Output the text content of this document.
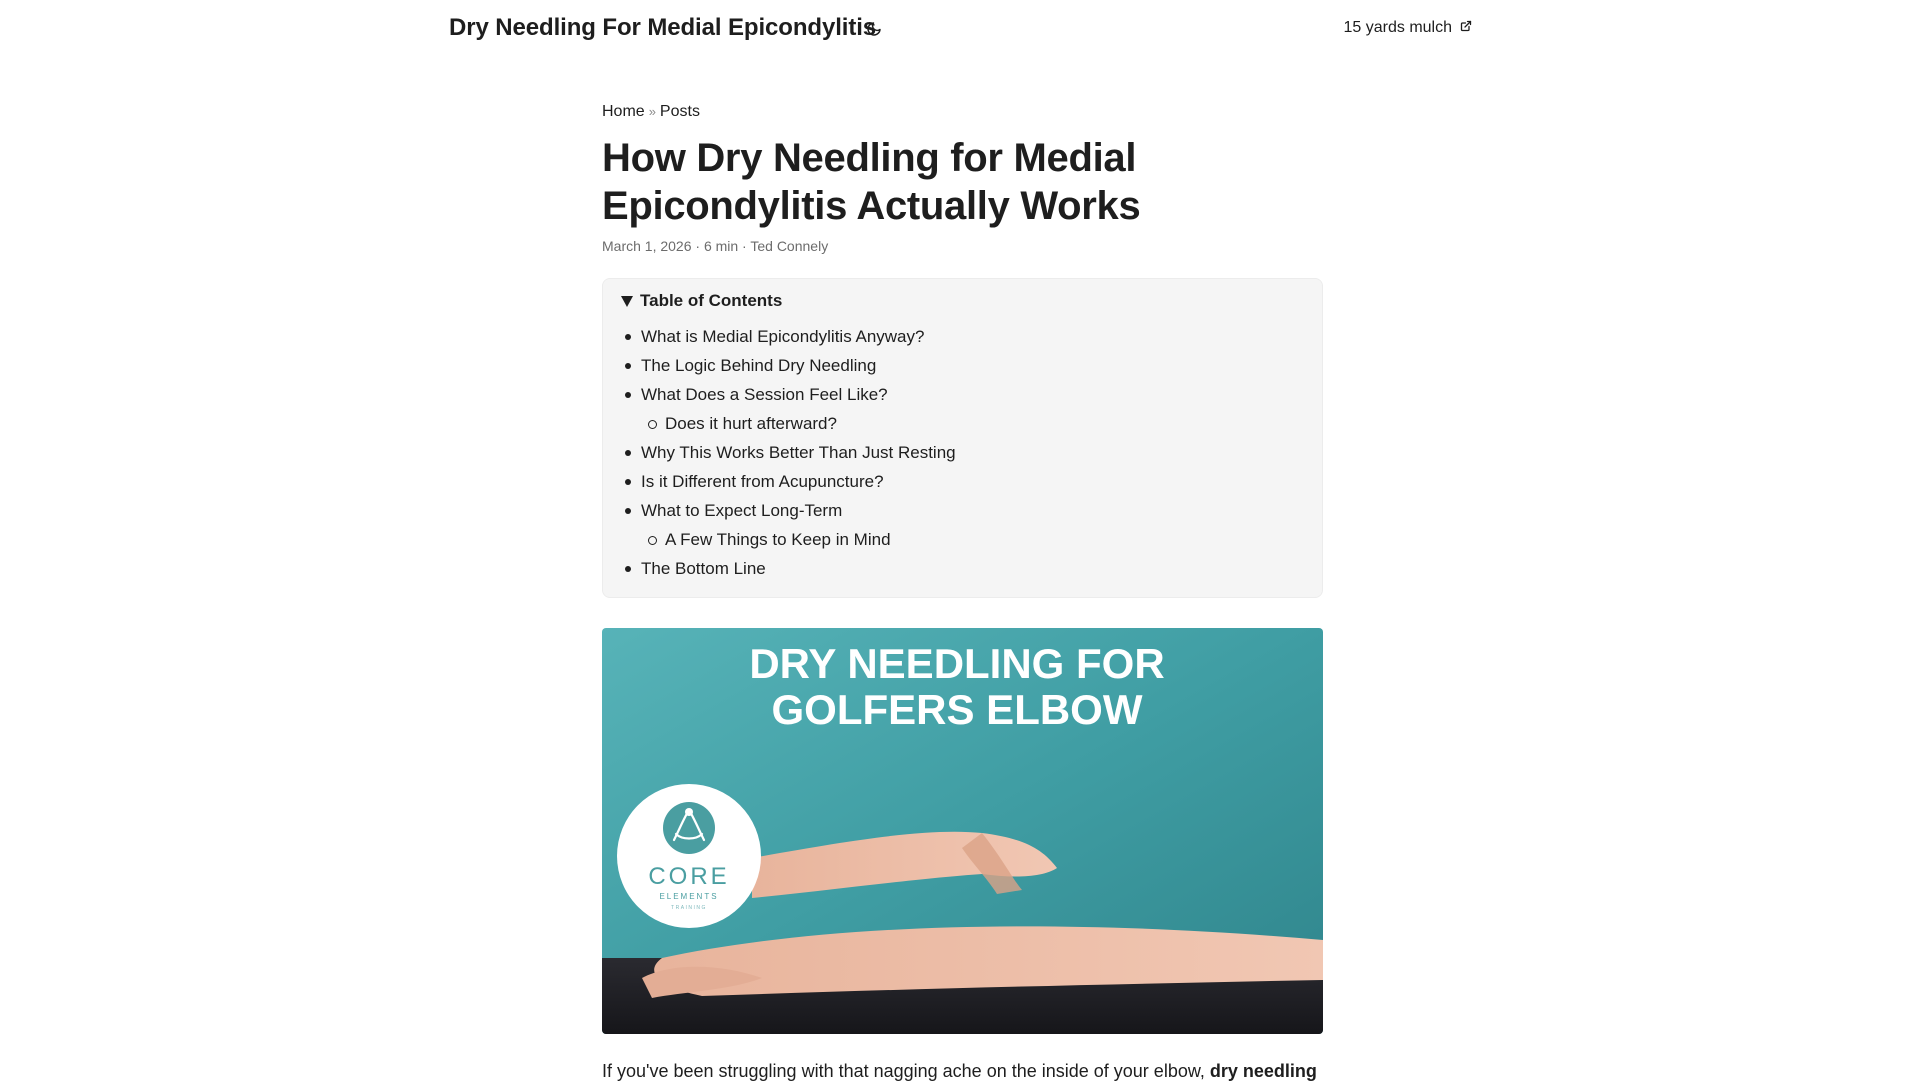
Dry Needling For Medial Epicondylitis	15 yards mulch
Home » Posts
How Dry Needling for Medial Epicondylitis Actually Works
March 1, 2026 · 6 min · Ted Connely
Table of Contents
What is Medial Epicondylitis Anyway?
The Logic Behind Dry Needling
What Does a Session Feel Like?
Does it hurt afterward?
Why This Works Better Than Just Resting
Is it Different from Acupuncture?
What to Expect Long-Term
A Few Things to Keep in Mind
The Bottom Line
DRY NEEDLING FOR
GOLFERS ELBOW
CORE
ELEMENTS
TRAINING

If you've been struggling with that nagging ache on the inside of your elbow, dry needling
